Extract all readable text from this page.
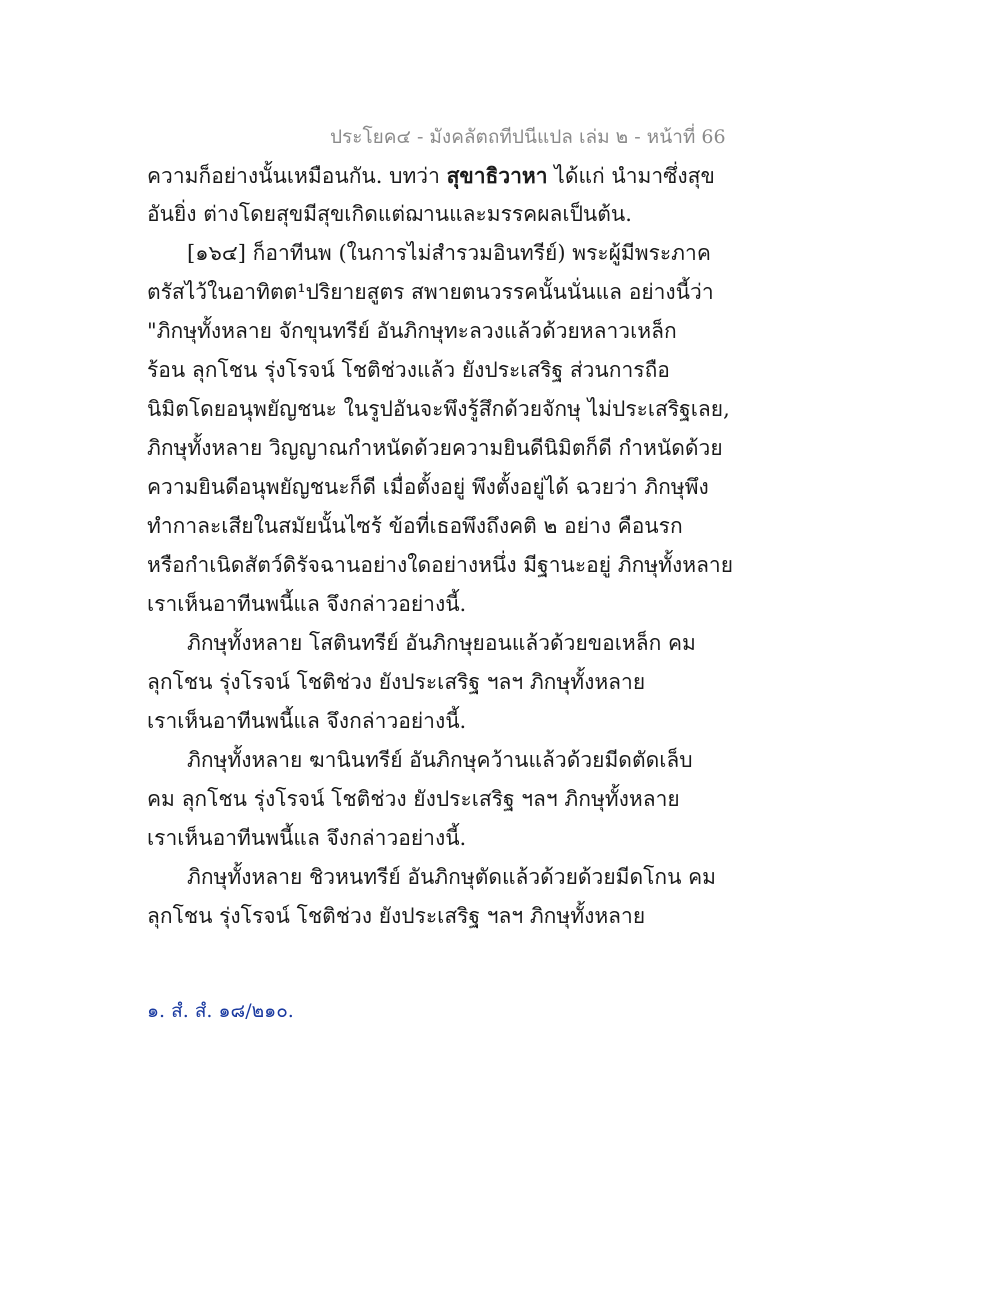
ประโยค๔ - มังคลัตถทีปนีแปล เล่ม ๒ - หน้าที่ 66
ความก็อย่างนั้นเหมือนกัน. บทว่า สุขาธิวาหา ได้แก่ นำมาซึ่งสุข
อันยิ่ง ต่างโดยสุขมีสุขเกิดแต่ฌานและมรรคผลเป็นต้น.
[๑๖๔] ก็อาทีนพ (ในการไม่สำรวมอินทรีย์) พระผู้มีพระภาค
ตรัสไว้ในอาทิตต¹ปริยายสูตร สพายตนวรรคนั้นนั่นแล อย่างนี้ว่า
"ภิกษุทั้งหลาย จักขุนทรีย์ อันภิกษุทะลวงแล้วด้วยหลาวเหล็ก
ร้อน ลุกโชน รุ่งโรจน์ โชติช่วงแล้ว ยังประเสริฐ ส่วนการถือ
นิมิตโดยอนุพยัญชนะ ในรูปอันจะพึงรู้สึกด้วยจักษุ ไม่ประเสริฐเลย,
ภิกษุทั้งหลาย วิญญาณกำหนัดด้วยความยินดีนิมิตก็ดี กำหนัดด้วย
ความยินดีอนุพยัญชนะก็ดี เมื่อตั้งอยู่ พึงตั้งอยู่ได้ ฉวยว่า ภิกษุพึง
ทำกาละเสียในสมัยนั้นไซร้ ข้อที่เธอพึงถึงคติ ๒ อย่าง คือนรก
หรือกำเนิดสัตว์ดิรัจฉานอย่างใดอย่างหนึ่ง มีฐานะอยู่ ภิกษุทั้งหลาย
เราเห็นอาทีนพนี้แล จึงกล่าวอย่างนี้.
ภิกษุทั้งหลาย โสตินทรีย์ อันภิกษุยอนแล้วด้วยขอเหล็ก คม
ลุกโชน รุ่งโรจน์ โชติช่วง ยังประเสริฐ ฯลฯ ภิกษุทั้งหลาย
เราเห็นอาทีนพนี้แล จึงกล่าวอย่างนี้.
ภิกษุทั้งหลาย ฆานินทรีย์ อันภิกษุคว้านแล้วด้วยมีดตัดเล็บ
คม ลุกโชน รุ่งโรจน์ โชติช่วง ยังประเสริฐ ฯลฯ ภิกษุทั้งหลาย
เราเห็นอาทีนพนี้แล จึงกล่าวอย่างนี้.
ภิกษุทั้งหลาย ชิวหนทรีย์ อันภิกษุตัดแล้วด้วยด้วยมีดโกน คม
ลุกโชน รุ่งโรจน์ โชติช่วง ยังประเสริฐ ฯลฯ ภิกษุทั้งหลาย
๑. สํ. สํ. ๑๘/๒๑๐.
